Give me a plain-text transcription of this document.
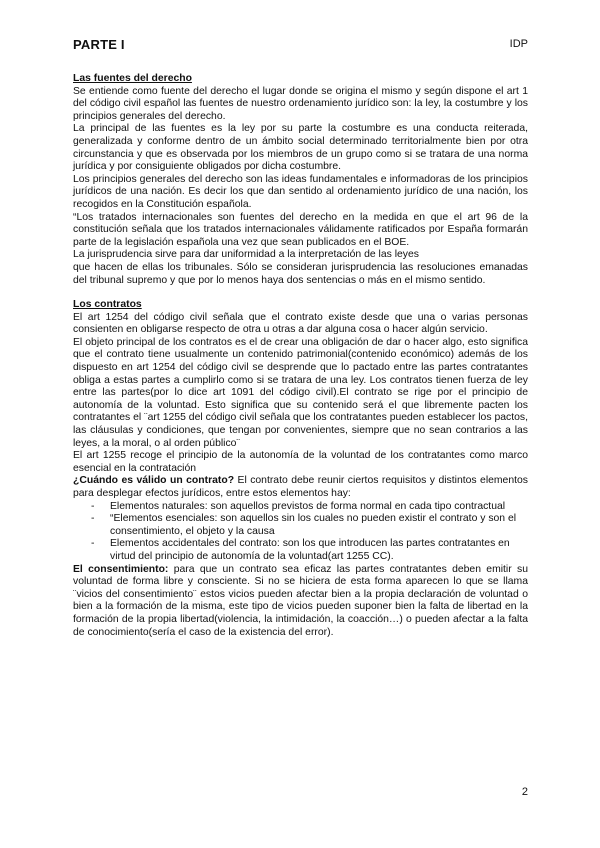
PARTE I	IDP

Las fuentes del derecho

Se entiende como fuente del derecho el lugar donde se origina el mismo y según dispone el art 1 del código civil español las fuentes de nuestro ordenamiento jurídico son: la ley, la costumbre y los principios generales del derecho.

La principal de las fuentes es la ley por su parte la costumbre es una conducta reiterada, generalizada y conforme dentro de un ámbito social determinado territorialmente bien por otra circunstancia y que es observada por los miembros de un grupo como si se tratara de una norma jurídica y por consiguiente obligados por dicha costumbre.

Los principios generales del derecho son las ideas fundamentales e informadoras de los principios jurídicos de una nación. Es decir los que dan sentido al ordenamiento jurídico de una nación, los recogidos en la Constitución española.

“Los tratados internacionales son fuentes del derecho en la medida en que el art 96 de la constitución señala que los tratados internacionales válidamente ratificados por España formarán parte de la legislación española una vez que sean publicados en el BOE.

La jurisprudencia sirve para dar uniformidad a la interpretación de las leyes

que hacen de ellas los tribunales. Sólo se consideran jurisprudencia las resoluciones emanadas del tribunal supremo y que por lo menos haya dos sentencias o más en el mismo sentido.

Los contratos

El art 1254 del código civil señala que el contrato existe desde que una o varias personas consienten en obligarse respecto de otra u otras a dar alguna cosa o hacer algún servicio.

El objeto principal de los contratos es el de crear una obligación de dar o hacer algo, esto significa que el contrato tiene usualmente un contenido patrimonial(contenido económico) además de los dispuesto en art 1254 del código civil se desprende que lo pactado entre las partes contratantes obliga a estas partes a cumplirlo como si se tratara de una ley. Los contratos tienen fuerza de ley entre las partes(por lo dice art 1091 del código civil).El contrato se rige por el principio de autonomía de la voluntad. Esto significa que su contenido será el que libremente pacten los contratantes el ¨art 1255 del código civil señala que los contratantes pueden establecer los pactos, las cláusulas y condiciones, que tengan por convenientes, siempre que no sean contrarios a las leyes, a la moral, o al orden público¨

El art 1255 recoge el principio de la autonomía de la voluntad de los contratantes como marco esencial en la contratación

¿Cuándo es válido un contrato? El contrato debe reunir ciertos requisitos y distintos elementos para desplegar efectos jurídicos, entre estos elementos hay:

- Elementos naturales: son aquellos previstos de forma normal en cada tipo contractual
- “Elementos esenciales: son aquellos sin los cuales no pueden existir el contrato y son el consentimiento, el objeto y la causa
- Elementos accidentales del contrato: son los que introducen las partes contratantes en virtud del principio de autonomía de la voluntad(art 1255 CC).

El consentimiento: para que un contrato sea eficaz las partes contratantes deben emitir su voluntad de forma libre y consciente. Si no se hiciera de esta forma aparecen lo que se llama ¨vicios del consentimiento¨ estos vicios pueden afectar bien a la propia declaración de voluntad o bien a la formación de la misma, este tipo de vicios pueden suponer bien la falta de libertad en la formación de la propia libertad(violencia, la intimidación, la coacción…) o pueden afectar a la falta de conocimiento(sería el caso de la existencia del error).

2
